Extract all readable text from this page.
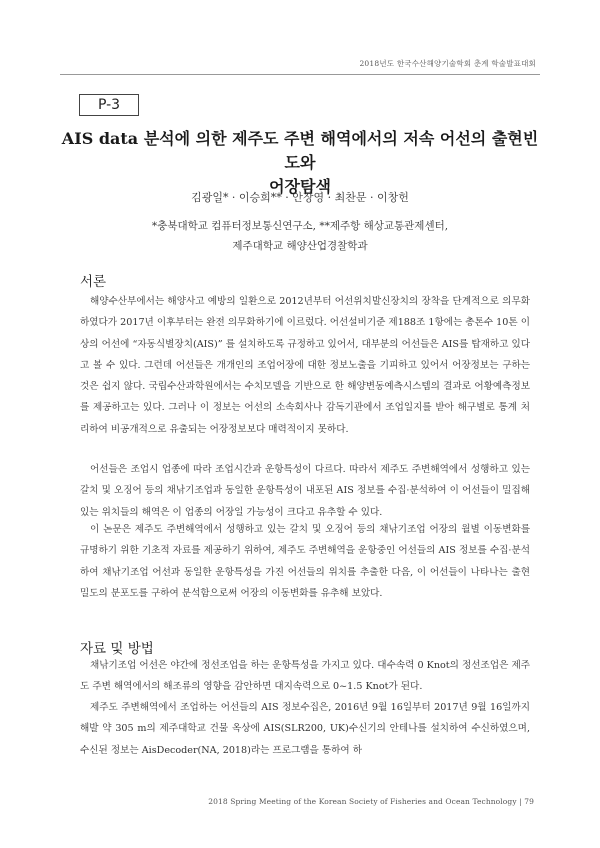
2018년도 한국수산해양기술학회 춘계 학술발표대회
P-3
AIS data 분석에 의한 제주도 주변 해역에서의 저속 어선의 출현빈도와
어장탐색
김광일* · 이승희** · 안장영 · 최찬문 · 이창헌
*충북대학교 컴퓨터정보통신연구소, **제주항 해상교통관제센터,
제주대학교 해양산업경찰학과
서론

해양수산부에서는 해양사고 예방의 일환으로 2012년부터 어선위치발신장치의 장착을 단계적으로 의무화하였다가 2017년 이후부터는 완전 의무화하기에 이르렀다. 어선설비기준 제188조 1항에는 총톤수 10톤 이상의 어선에 “자동식별장치(AIS)” 를 설치하도록 규정하고 있어서, 대부분의 어선들은 AIS를 탑재하고 있다고 볼 수 있다. 그런데 어선들은 개개인의 조업어장에 대한 정보노출을 기피하고 있어서 어장정보는 구하는 것은 쉽지 않다. 국립수산과학원에서는 수치모델을 기반으로 한 해양변동예측시스템의 결과로 어황예측정보를 제공하고는 있다. 그러나 이 정보는 어선의 소속회사나 감독기관에서 조업일지를 받아 해구별로 통계 처리하여 비공개적으로 유출되는 어장정보보다 매력적이지 못하다.

어선들은 조업시 업종에 따라 조업시간과 운항특성이 다르다. 따라서 제주도 주변해역에서 성행하고 있는 갈치 및 오징어 등의 채낚기조업과 동일한 운항특성이 내포된 AIS 정보를 수집·분석하여 이 어선들이 밀집해 있는 위치들의 해역은 이 업종의 어장일 가능성이 크다고 유추할 수 있다.

이 논문은 제주도 주변해역에서 성행하고 있는 갈치 및 오징어 등의 채낚기조업 어장의 월별 이동변화를 규명하기 위한 기초적 자료를 제공하기 위하여, 제주도 주변해역을 운항중인 어선들의 AIS 정보를 수집·분석하여 채낚기조업 어선과 동일한 운항특성을 가진 어선들의 위치를 추출한 다음, 이 어선들이 나타나는 출현밀도의 분포도를 구하여 분석함으로써 어장의 이동변화를 유추해 보았다.

자료 및 방법

채낚기조업 어선은 야간에 정선조업을 하는 운항특성을 가지고 있다. 대수속력 0 Knot의 정선조업은 제주도 주변 해역에서의 해조류의 영향을 감안하면 대지속력으로 0~1.5 Knot가 된다.

제주도 주변해역에서 조업하는 어선들의 AIS 정보수집은, 2016년 9월 16일부터 2017년 9월 16일까지 해발 약 305 m의 제주대학교 건물 옥상에 AIS(SLR200, UK)수신기의 안테나를 설치하여 수신하였으며, 수신된 정보는 AisDecoder(NA, 2018)라는 프로그램을 통하여 하

2018 Spring Meeting of the Korean Society of Fisheries and Ocean Technology | 79
